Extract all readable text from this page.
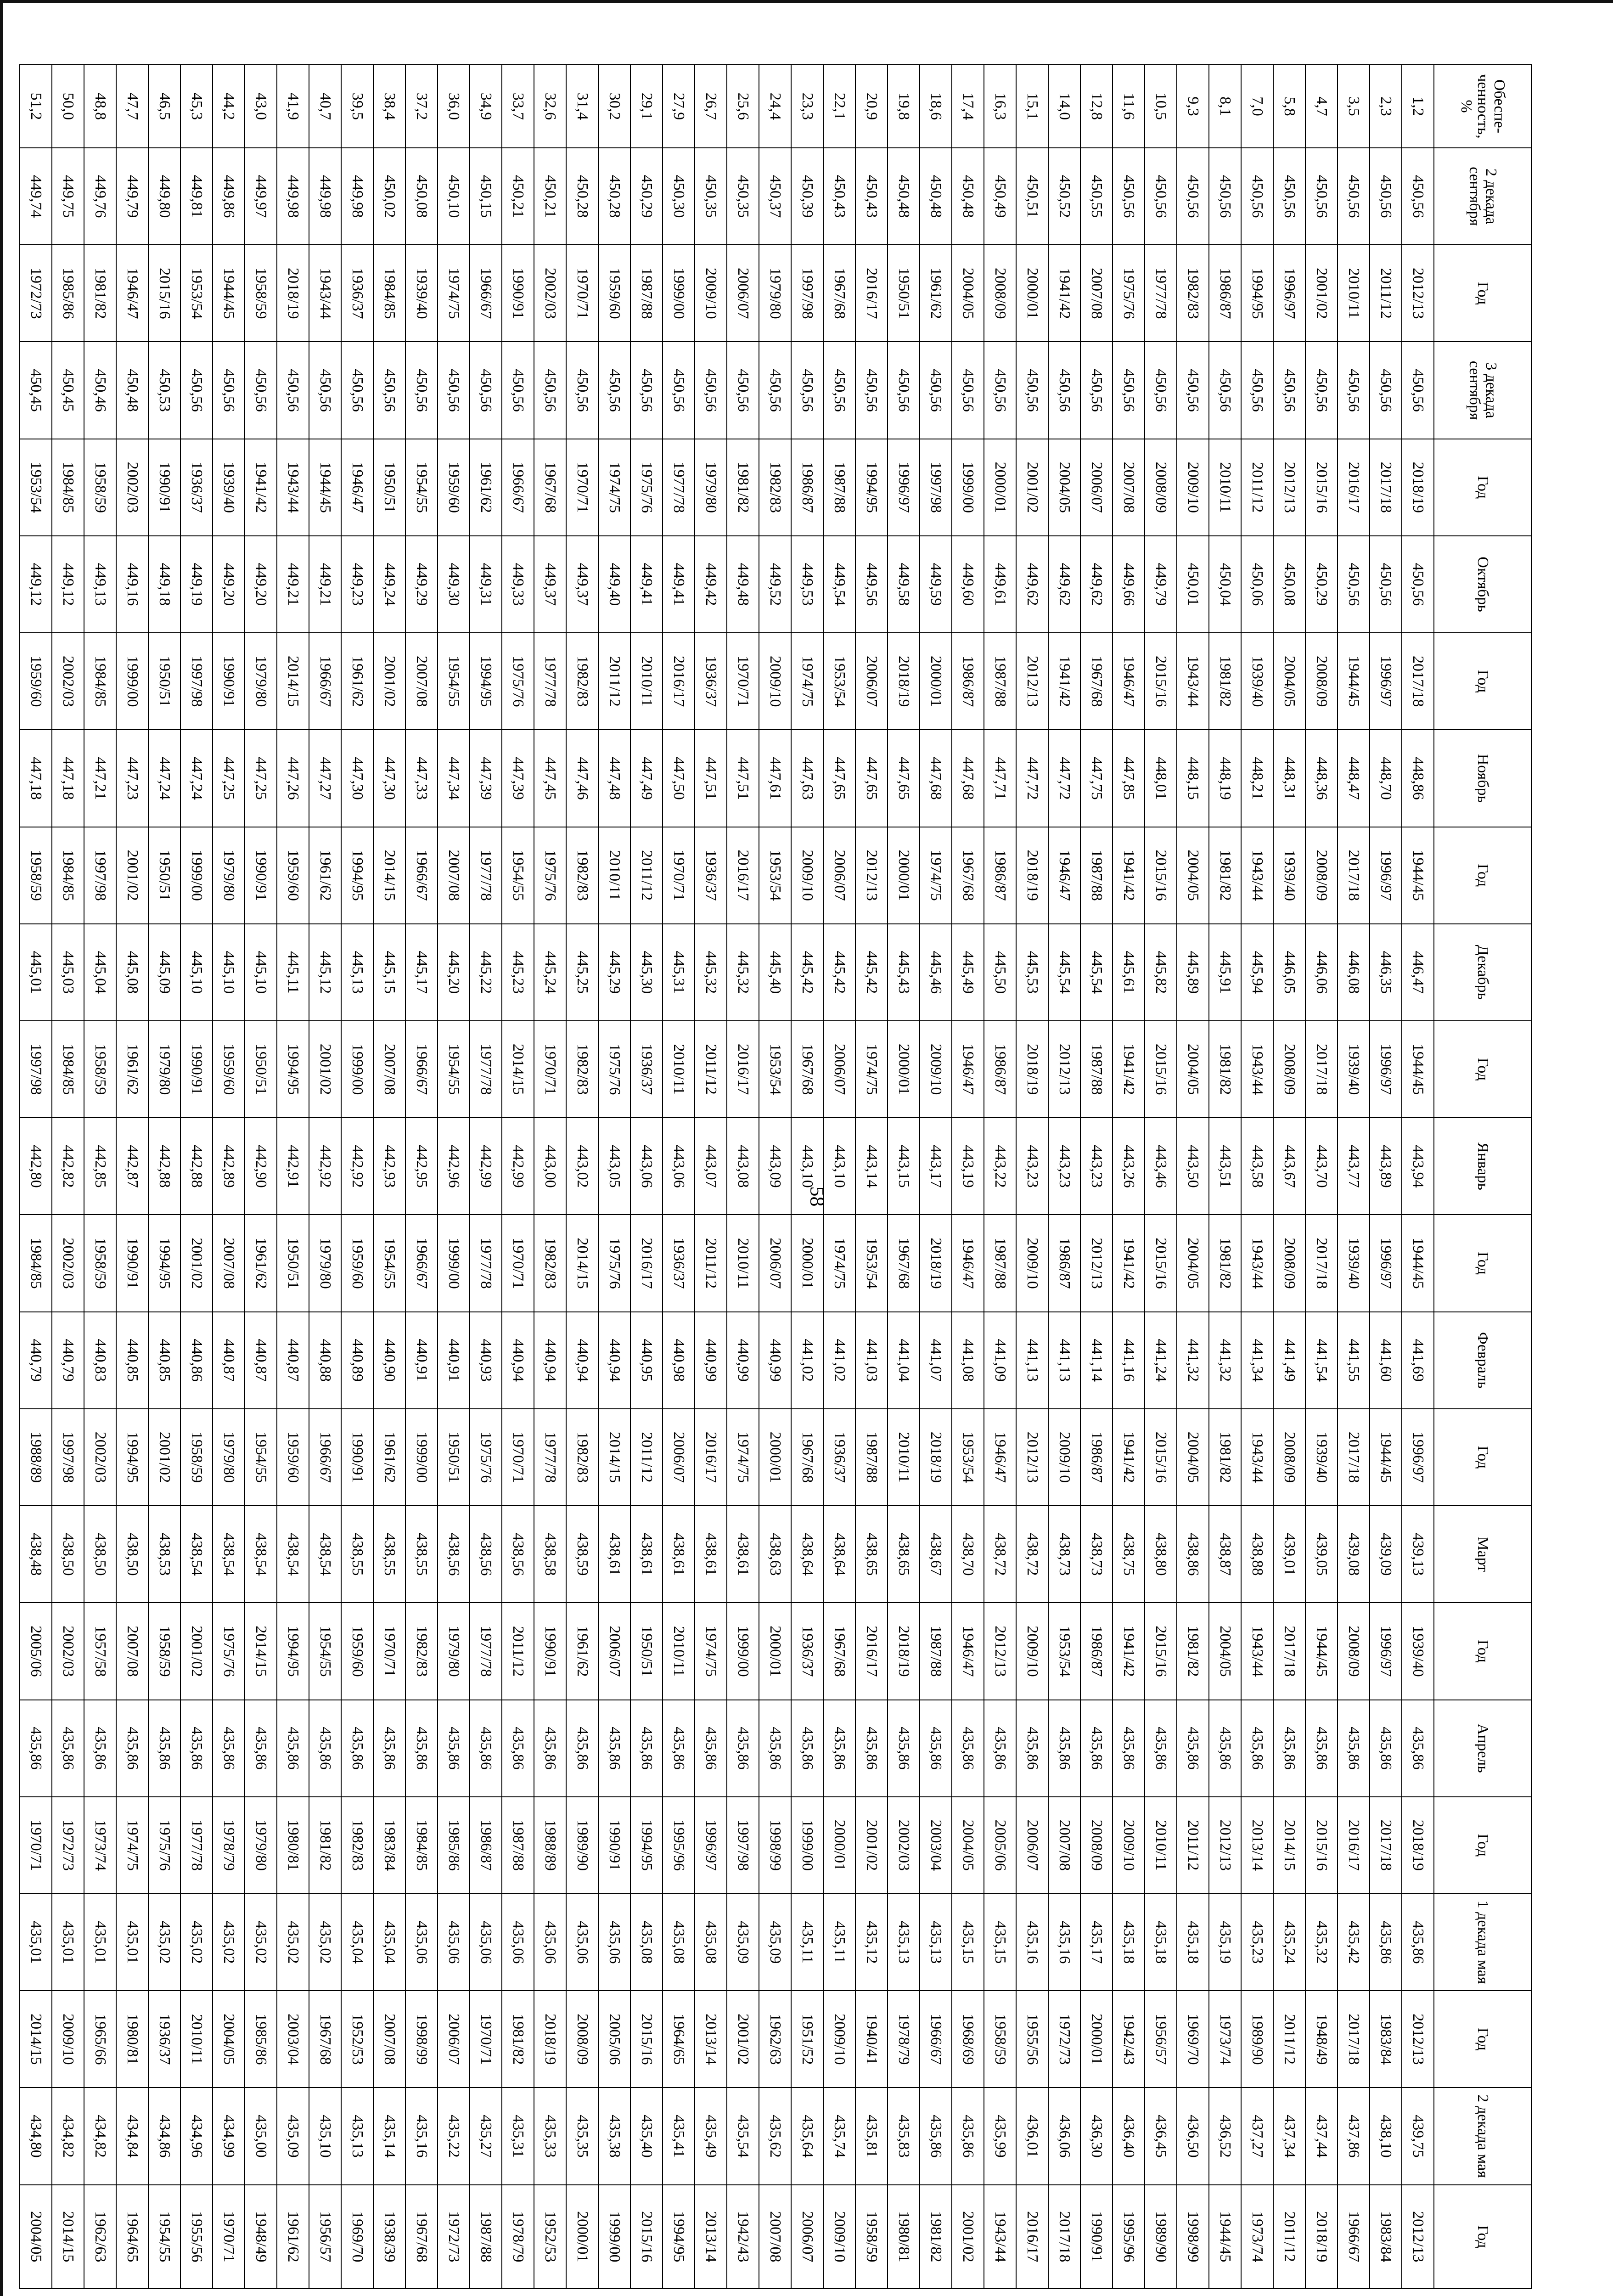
58
Обеспе-ченность, %	2 декада сентября	Год	3 декада сентября	Год	Октябрь	Год	Ноябрь	Год	Декабрь	Год	Январь	Год	Февраль	Год	Март	Год	Апрель	Год	1 декада мая	Год	2 декада мая	Год
1,2	450,56	2012/13	450,56	2018/19	450,56	2017/18	448,86	1944/45	446,47	1944/45	443,94	1944/45	441,69	1996/97	439,13	1939/40	435,86	2018/19	435,86	2012/13	439,75	2012/13
2,3	450,56	2011/12	450,56	2017/18	450,56	1996/97	448,70	1996/97	446,35	1996/97	443,89	1996/97	441,60	1944/45	439,09	1996/97	435,86	2017/18	435,86	1983/84	438,10	1983/84
3,5	450,56	2010/11	450,56	2016/17	450,56	1944/45	448,47	2017/18	446,08	1939/40	443,77	1939/40	441,55	2017/18	439,08	2008/09	435,86	2016/17	435,42	2017/18	437,86	1966/67
4,7	450,56	2001/02	450,56	2015/16	450,29	2008/09	448,36	2008/09	446,06	2017/18	443,70	2017/18	441,54	1939/40	439,05	1944/45	435,86	2015/16	435,32	1948/49	437,44	2018/19
5,8	450,56	1996/97	450,56	2012/13	450,08	2004/05	448,31	1939/40	446,05	2008/09	443,67	2008/09	441,49	2008/09	439,01	2017/18	435,86	2014/15	435,24	2011/12	437,34	2011/12
7,0	450,56	1994/95	450,56	2011/12	450,06	1939/40	448,21	1943/44	445,94	1943/44	443,58	1943/44	441,34	1943/44	438,88	1943/44	435,86	2013/14	435,23	1989/90	437,27	1973/74
8,1	450,56	1986/87	450,56	2010/11	450,04	1981/82	448,19	1981/82	445,91	1981/82	443,51	1981/82	441,32	1981/82	438,87	2004/05	435,86	2012/13	435,19	1973/74	436,52	1944/45
9,3	450,56	1982/83	450,56	2009/10	450,01	1943/44	448,15	2004/05	445,89	2004/05	443,50	2004/05	441,32	2004/05	438,86	1981/82	435,86	2011/12	435,18	1969/70	436,50	1998/99
10,5	450,56	1977/78	450,56	2008/09	449,79	2015/16	448,01	2015/16	445,82	2015/16	443,46	2015/16	441,24	2015/16	438,80	2015/16	435,86	2010/11	435,18	1956/57	436,45	1989/90
11,6	450,56	1975/76	450,56	2007/08	449,66	1946/47	447,85	1941/42	445,61	1941/42	443,26	1941/42	441,16	1941/42	438,75	1941/42	435,86	2009/10	435,18	1942/43	436,40	1995/96
12,8	450,55	2007/08	450,56	2006/07	449,62	1967/68	447,75	1987/88	445,54	1987/88	443,23	2012/13	441,14	1986/87	438,73	1986/87	435,86	2008/09	435,17	2000/01	436,30	1990/91
14,0	450,52	1941/42	450,56	2004/05	449,62	1941/42	447,72	1946/47	445,54	2012/13	443,23	1986/87	441,13	2009/10	438,73	1953/54	435,86	2007/08	435,16	1972/73	436,06	2017/18
15,1	450,51	2000/01	450,56	2001/02	449,62	2012/13	447,72	2018/19	445,53	2018/19	443,23	2009/10	441,13	2012/13	438,72	2009/10	435,86	2006/07	435,16	1955/56	436,01	2016/17
16,3	450,49	2008/09	450,56	2000/01	449,61	1987/88	447,71	1986/87	445,50	1986/87	443,22	1987/88	441,09	1946/47	438,72	2012/13	435,86	2005/06	435,15	1958/59	435,99	1943/44
17,4	450,48	2004/05	450,56	1999/00	449,60	1986/87	447,68	1967/68	445,49	1946/47	443,19	1946/47	441,08	1953/54	438,70	1946/47	435,86	2004/05	435,15	1968/69	435,86	2001/02
18,6	450,48	1961/62	450,56	1997/98	449,59	2000/01	447,68	1974/75	445,46	2009/10	443,17	2018/19	441,07	2018/19	438,67	1987/88	435,86	2003/04	435,13	1966/67	435,86	1981/82
19,8	450,48	1950/51	450,56	1996/97	449,58	2018/19	447,65	2000/01	445,43	2000/01	443,15	1967/68	441,04	2010/11	438,65	2018/19	435,86	2002/03	435,13	1978/79	435,83	1980/81
20,9	450,43	2016/17	450,56	1994/95	449,56	2006/07	447,65	2012/13	445,42	1974/75	443,14	1953/54	441,03	1987/88	438,65	2016/17	435,86	2001/02	435,12	1940/41	435,81	1958/59
22,1	450,43	1967/68	450,56	1987/88	449,54	1953/54	447,65	2006/07	445,42	2006/07	443,10	1974/75	441,02	1936/37	438,64	1967/68	435,86	2000/01	435,11	2009/10	435,74	2009/10
23,3	450,39	1997/98	450,56	1986/87	449,53	1974/75	447,63	2009/10	445,42	1967/68	443,10	2000/01	441,02	1967/68	438,64	1936/37	435,86	1999/00	435,11	1951/52	435,64	2006/07
24,4	450,37	1979/80	450,56	1982/83	449,52	2009/10	447,61	1953/54	445,40	1953/54	443,09	2006/07	440,99	2000/01	438,63	2000/01	435,86	1998/99	435,09	1962/63	435,62	2007/08
25,6	450,35	2006/07	450,56	1981/82	449,48	1970/71	447,51	2016/17	445,32	2016/17	443,08	2010/11	440,99	1974/75	438,61	1999/00	435,86	1997/98	435,09	2001/02	435,54	1942/43
26,7	450,35	2009/10	450,56	1979/80	449,42	1936/37	447,51	1936/37	445,32	2011/12	443,07	2011/12	440,99	2016/17	438,61	1974/75	435,86	1996/97	435,08	2013/14	435,49	2013/14
27,9	450,30	1999/00	450,56	1977/78	449,41	2016/17	447,50	1970/71	445,31	2010/11	443,06	1936/37	440,98	2006/07	438,61	2010/11	435,86	1995/96	435,08	1964/65	435,41	1994/95
29,1	450,29	1987/88	450,56	1975/76	449,41	2010/11	447,49	2011/12	445,30	1936/37	443,06	2016/17	440,95	2011/12	438,61	1950/51	435,86	1994/95	435,08	2015/16	435,40	2015/16
30,2	450,28	1959/60	450,56	1974/75	449,40	2011/12	447,48	2010/11	445,29	1975/76	443,05	1975/76	440,94	2014/15	438,61	2006/07	435,86	1990/91	435,06	2005/06	435,38	1999/00
31,4	450,28	1970/71	450,56	1970/71	449,37	1982/83	447,46	1982/83	445,25	1982/83	443,02	2014/15	440,94	1982/83	438,59	1961/62	435,86	1989/90	435,06	2008/09	435,35	2000/01
32,6	450,21	2002/03	450,56	1967/68	449,37	1977/78	447,45	1975/76	445,24	1970/71	443,00	1982/83	440,94	1977/78	438,58	1990/91	435,86	1988/89	435,06	2018/19	435,33	1952/53
33,7	450,21	1990/91	450,56	1966/67	449,33	1975/76	447,39	1954/55	445,23	2014/15	442,99	1970/71	440,94	1970/71	438,56	2011/12	435,86	1987/88	435,06	1981/82	435,31	1978/79
34,9	450,15	1966/67	450,56	1961/62	449,31	1994/95	447,39	1977/78	445,22	1977/78	442,99	1977/78	440,93	1975/76	438,56	1977/78	435,86	1986/87	435,06	1970/71	435,27	1987/88
36,0	450,10	1974/75	450,56	1959/60	449,30	1954/55	447,34	2007/08	445,20	1954/55	442,96	1999/00	440,91	1950/51	438,56	1979/80	435,86	1985/86	435,06	2006/07	435,22	1972/73
37,2	450,08	1939/40	450,56	1954/55	449,29	2007/08	447,33	1966/67	445,17	1966/67	442,95	1966/67	440,91	1999/00	438,55	1982/83	435,86	1984/85	435,06	1998/99	435,16	1967/68
38,4	450,02	1984/85	450,56	1950/51	449,24	2001/02	447,30	2014/15	445,15	2007/08	442,93	1954/55	440,90	1961/62	438,55	1970/71	435,86	1983/84	435,04	2007/08	435,14	1938/39
39,5	449,98	1936/37	450,56	1946/47	449,23	1961/62	447,30	1994/95	445,13	1999/00	442,92	1959/60	440,89	1990/91	438,55	1959/60	435,86	1982/83	435,04	1952/53	435,13	1969/70
40,7	449,98	1943/44	450,56	1944/45	449,21	1966/67	447,27	1961/62	445,12	2001/02	442,92	1979/80	440,88	1966/67	438,54	1954/55	435,86	1981/82	435,02	1967/68	435,10	1956/57
41,9	449,98	2018/19	450,56	1943/44	449,21	2014/15	447,26	1959/60	445,11	1994/95	442,91	1950/51	440,87	1959/60	438,54	1994/95	435,86	1980/81	435,02	2003/04	435,09	1961/62
43,0	449,97	1958/59	450,56	1941/42	449,20	1979/80	447,25	1990/91	445,10	1950/51	442,90	1961/62	440,87	1954/55	438,54	2014/15	435,86	1979/80	435,02	1985/86	435,00	1948/49
44,2	449,86	1944/45	450,56	1939/40	449,20	1990/91	447,25	1979/80	445,10	1959/60	442,89	2007/08	440,87	1979/80	438,54	1975/76	435,86	1978/79	435,02	2004/05	434,99	1970/71
45,3	449,81	1953/54	450,56	1936/37	449,19	1997/98	447,24	1999/00	445,10	1990/91	442,88	2001/02	440,86	1958/59	438,54	2001/02	435,86	1977/78	435,02	2010/11	434,96	1955/56
46,5	449,80	2015/16	450,53	1990/91	449,18	1950/51	447,24	1950/51	445,09	1979/80	442,88	1994/95	440,85	2001/02	438,53	1958/59	435,86	1975/76	435,02	1936/37	434,86	1954/55
47,7	449,79	1946/47	450,48	2002/03	449,16	1999/00	447,23	2001/02	445,08	1961/62	442,87	1990/91	440,85	1994/95	438,50	2007/08	435,86	1974/75	435,01	1980/81	434,84	1964/65
48,8	449,76	1981/82	450,46	1958/59	449,13	1984/85	447,21	1997/98	445,04	1958/59	442,85	1958/59	440,83	2002/03	438,50	1957/58	435,86	1973/74	435,01	1965/66	434,82	1962/63
50,0	449,75	1985/86	450,45	1984/85	449,12	2002/03	447,18	1984/85	445,03	1984/85	442,82	2002/03	440,79	1997/98	438,50	2002/03	435,86	1972/73	435,01	2009/10	434,82	2014/15
51,2	449,74	1972/73	450,45	1953/54	449,12	1959/60	447,18	1958/59	445,01	1997/98	442,80	1984/85	440,79	1988/89	438,48	2005/06	435,86	1970/71	435,01	2014/15	434,80	2004/05
